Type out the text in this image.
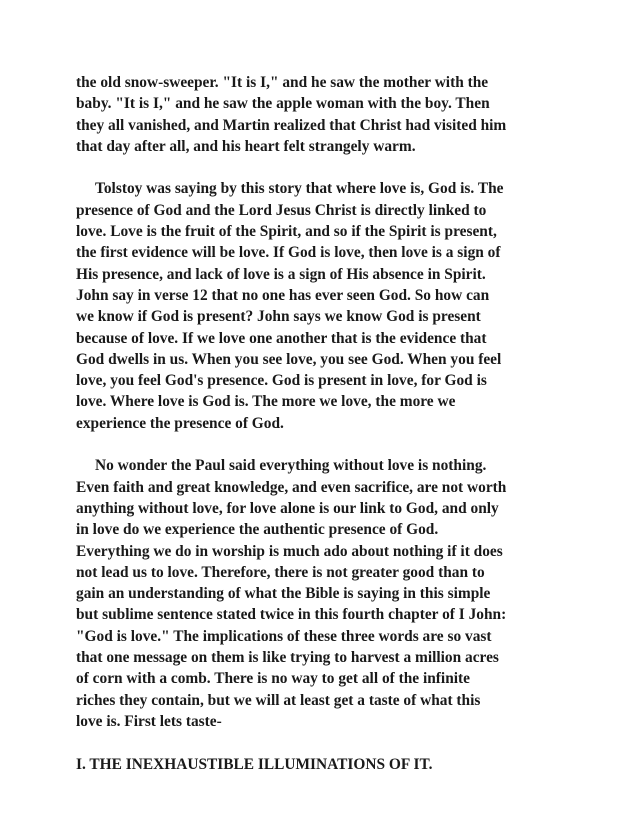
the old snow-sweeper. "It is I," and he saw the mother with the
baby. "It is I," and he saw the apple woman with the boy. Then
they all vanished, and Martin realized that Christ had visited him
that day after all, and his heart felt strangely warm.
Tolstoy was saying by this story that where love is, God is. The
presence of God and the Lord Jesus Christ is directly linked to
love. Love is the fruit of the Spirit, and so if the Spirit is present,
the first evidence will be love. If God is love, then love is a sign of
His presence, and lack of love is a sign of His absence in Spirit.
John say in verse 12 that no one has ever seen God. So how can
we know if God is present? John says we know God is present
because of love. If we love one another that is the evidence that
God dwells in us. When you see love, you see God. When you feel
love, you feel God's presence. God is present in love, for God is
love. Where love is God is. The more we love, the more we
experience the presence of God.
No wonder the Paul said everything without love is nothing.
Even faith and great knowledge, and even sacrifice, are not worth
anything without love, for love alone is our link to God, and only
in love do we experience the authentic presence of God.
Everything we do in worship is much ado about nothing if it does
not lead us to love. Therefore, there is not greater good than to
gain an understanding of what the Bible is saying in this simple
but sublime sentence stated twice in this fourth chapter of I John:
"God is love." The implications of these three words are so vast
that one message on them is like trying to harvest a million acres
of corn with a comb. There is no way to get all of the infinite
riches they contain, but we will at least get a taste of what this
love is. First lets taste-
I. THE INEXHAUSTIBLE ILLUMINATIONS OF IT.
